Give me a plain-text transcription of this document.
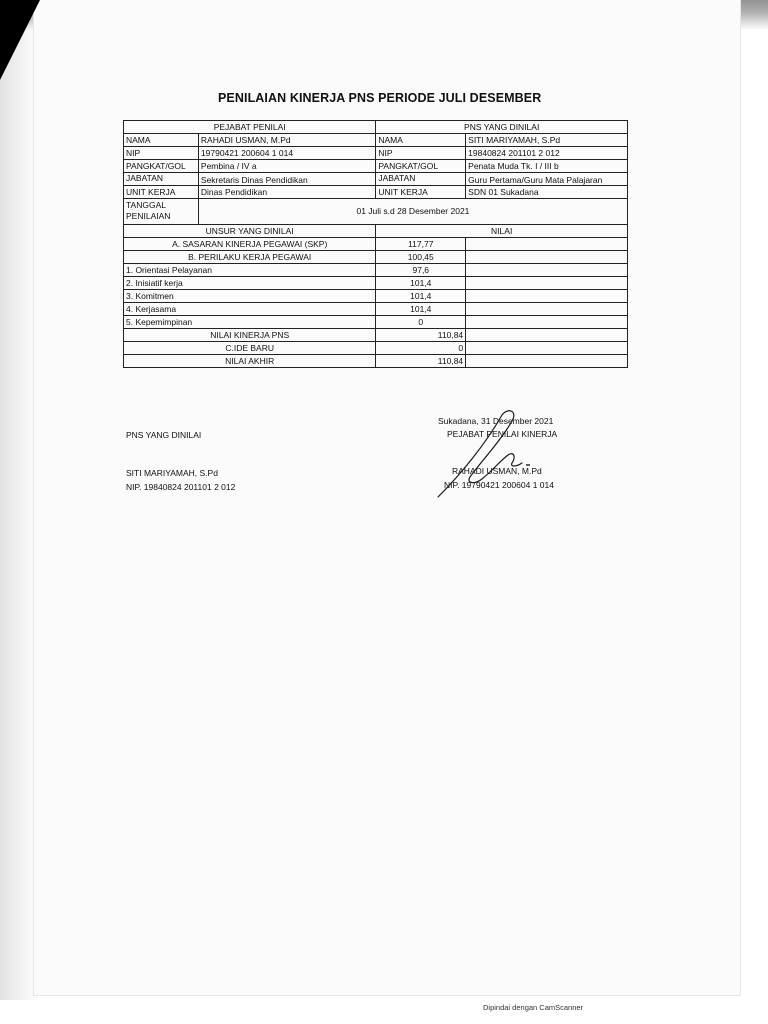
PENILAIAN KINERJA PNS PERIODE JULI DESEMBER
PEJABAT PENILAI		PNS YANG DINILAI	
NAMA	RAHADI USMAN, M.Pd	NAMA	SITI MARIYAMAH, S.Pd
NIP	19790421 200604 1 014	NIP	19840824 201101 2 012
PANGKAT/GOL	Pembina / IV a	PANGKAT/GOL	Penata Muda Tk. I / III b
JABATAN	Sekretaris Dinas Pendidikan	JABATAN	Guru Pertama/Guru Mata Palajaran
UNIT KERJA	Dinas Pendidikan	UNIT KERJA	SDN 01 Sukadana
TANGGAL
PENILAIAN	01 Juli s.d 28 Desember 2021		
UNSUR YANG DINILAI		NILAI	
A. SASARAN KINERJA PEGAWAI (SKP)		117,77	
B. PERILAKU KERJA PEGAWAI		100,45	
1. Orientasi Pelayanan		97,6	
2. Inisiatif kerja		101,4	
3. Komitmen		101,4	
4. Kerjasama		101,4	
5. Kepemimpinan		0	
NILAI KINERJA PNS		110,84	
C.IDE BARU		0	
NILAI AKHIR		110,84	
PNS YANG DINILAI
SITI MARIYAMAH, S.Pd
NIP. 19840824 201101 2 012
Sukadana, 31 Desember 2021
PEJABAT PENILAI KINERJA
RAHADI USMAN, M.Pd
NIP. 19790421 200604 1 014
Dipindai dengan CamScanner
